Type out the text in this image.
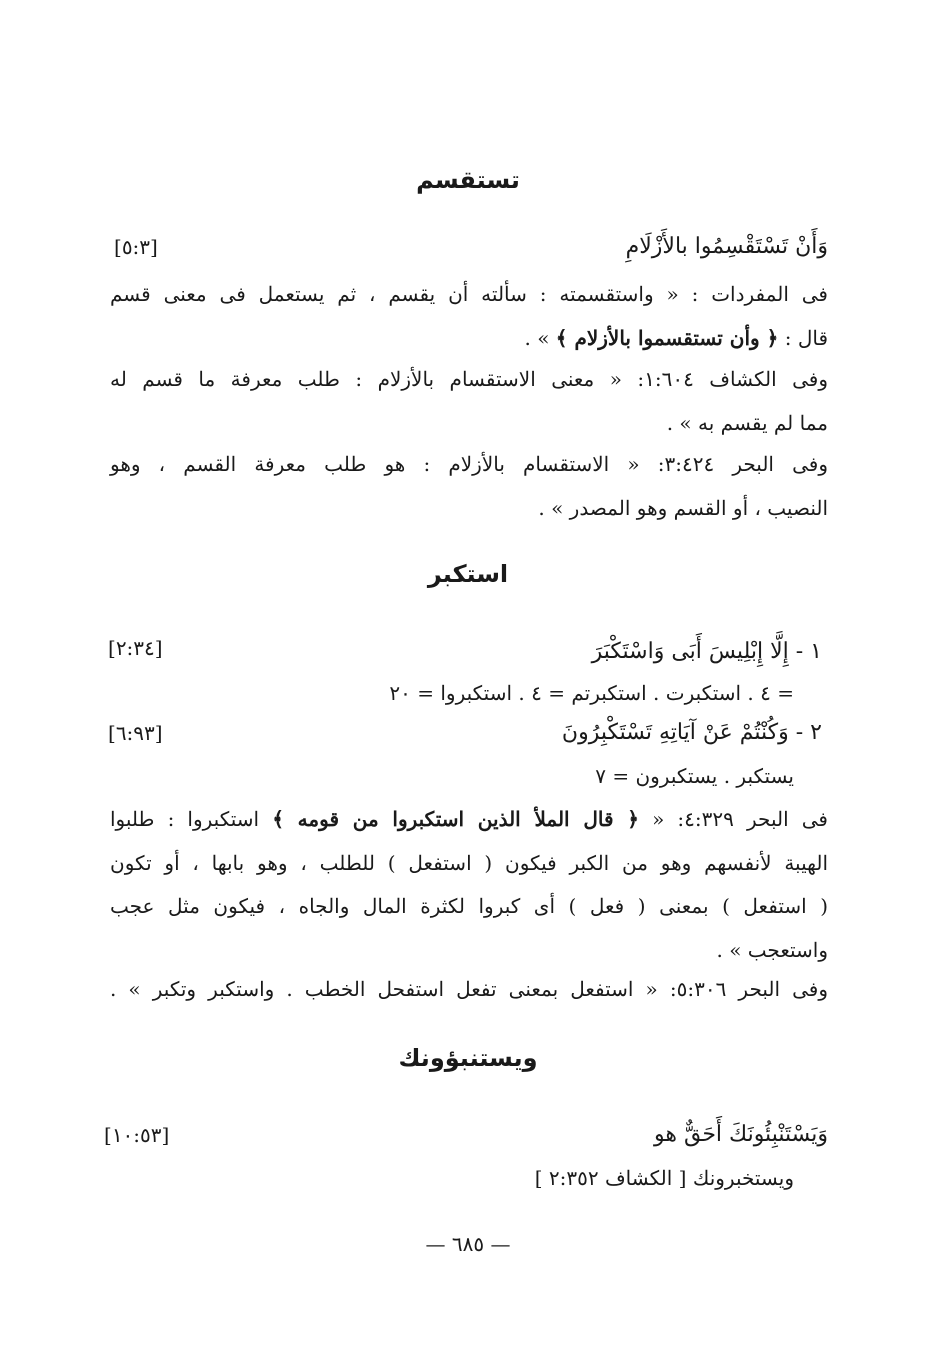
تستقسم
وَأَنْ تَسْتَقْسِمُوا بالأَزْلَامِ
[٥:٣]
فى المفردات : « واستقسمته : سألته أن يقسم ، ثم يستعمل فى معنى قسم
قال : ﴿ وأن تستقسموا بالأزلام ﴾ » .
وفى الكشاف ١:٦٠٤: « معنى الاستقسام بالأزلام : طلب معرفة ما قسم له
مما لم يقسم به » .
وفى البحر ٣:٤٢٤: « الاستقسام بالأزلام : هو طلب معرفة القسم ، وهو
النصيب ، أو القسم وهو المصدر » .
استكبر
١ - إِلَّا إِبْلِيسَ أَبَى وَاسْتَكْبَرَ
[٢:٣٤]
= ٤ . استكبرت . استكبرتم = ٤ . استكبروا = ٢٠
٢ - وَكُنْتُمْ عَنْ آيَاتِهِ تَسْتَكْبِرُونَ
[٦:٩٣]
يستكبر . يستكبرون = ٧
فى البحر ٤:٣٢٩: « ﴿ قال الملأ الذين استكبروا من قومه ﴾ استكبروا : طلبوا
الهيبة لأنفسهم وهو من الكبر فيكون ( استفعل ) للطلب ، وهو بابها ، أو تكون
( استفعل ) بمعنى ( فعل ) أى كبروا لكثرة المال والجاه ، فيكون مثل عجب
واستعجب » .
وفى البحر ٥:٣٠٦: « استفعل بمعنى تفعل استفحل الخطب . واستكبر وتكبر » .
ويستنبؤونك
وَيَسْتَنْبِئُونَكَ أَحَقٌّ هو
[١٠:٥٣]
ويستخبرونك [ الكشاف ٢:٣٥٢ ]
— ٦٨٥ —
